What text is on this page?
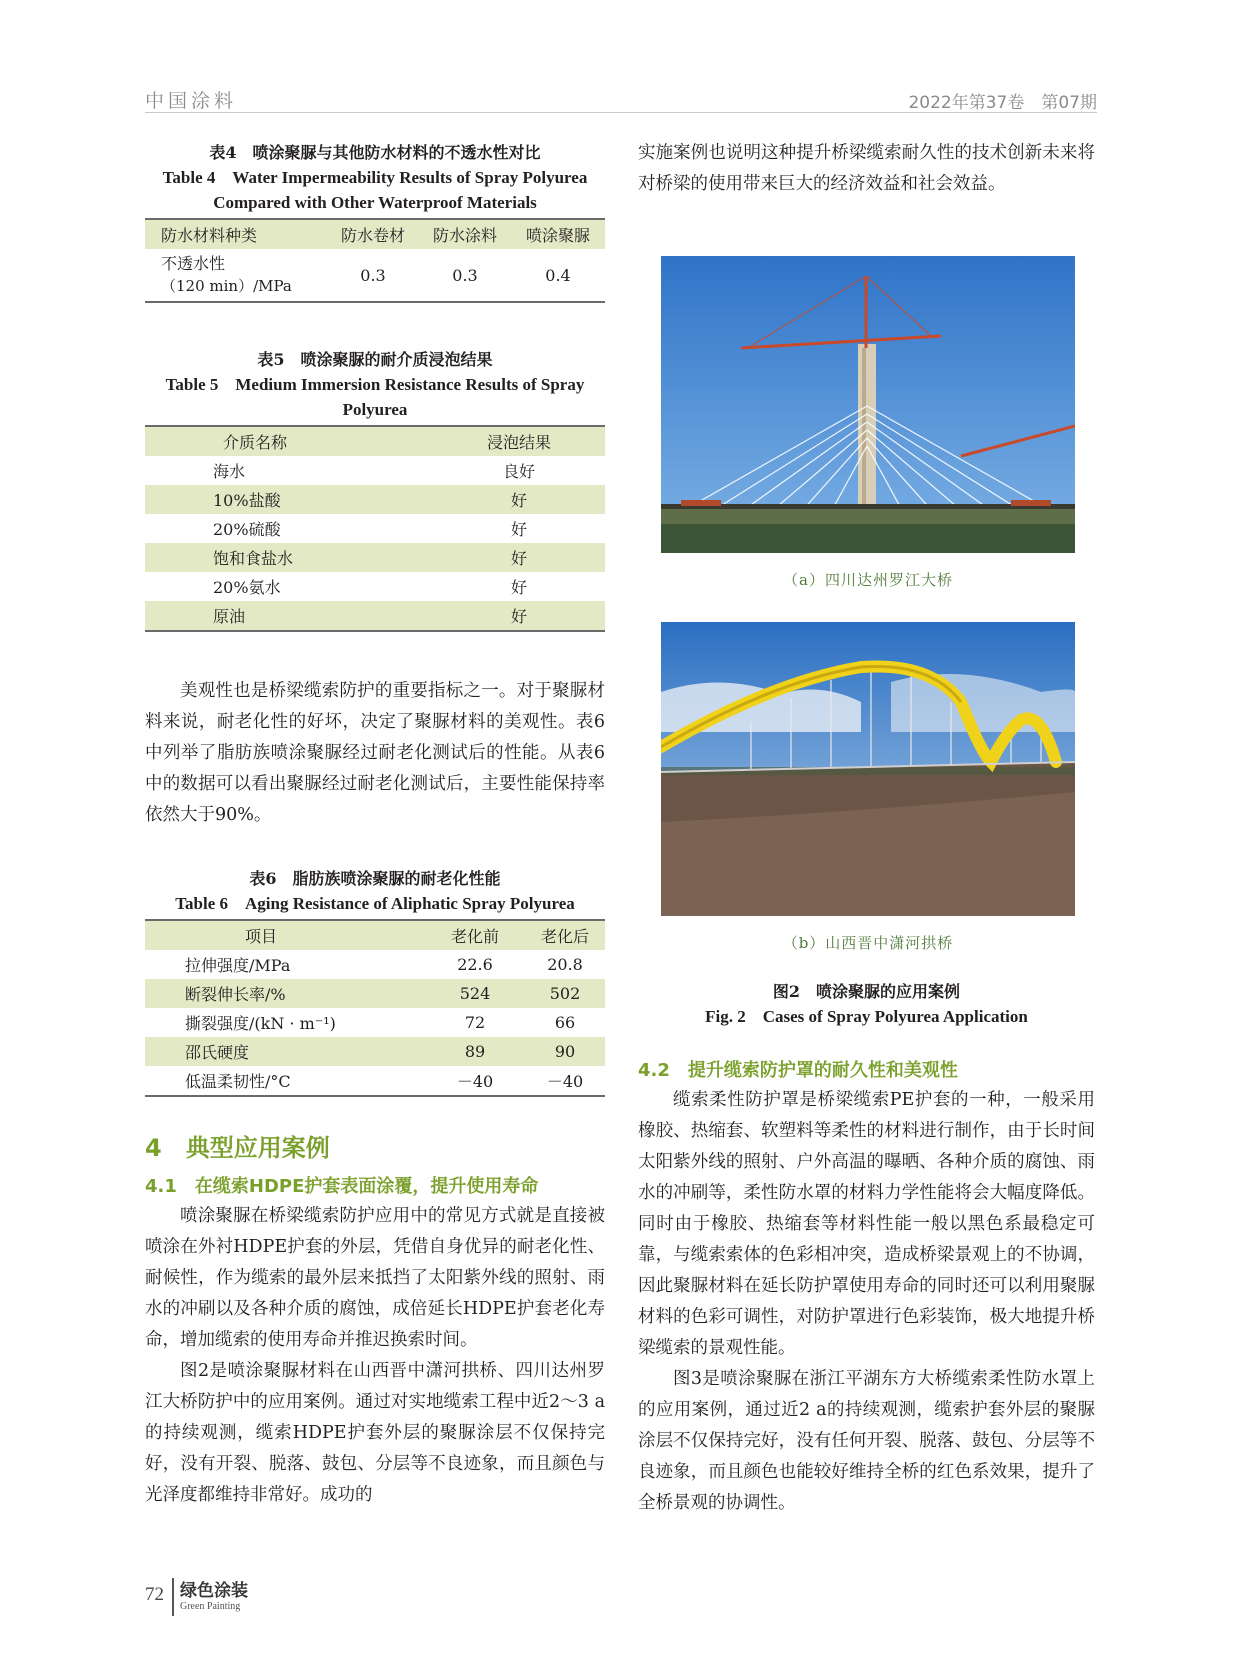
中国涂料	2022年第37卷　第07期
表4　喷涂聚脲与其他防水材料的不透水性对比
Table 4　Water Impermeability Results of Spray Polyurea
Compared with Other Waterproof Materials
防水材料种类	防水卷材	防水涂料	喷涂聚脲

不透水性
（120 min）/MPa	0.3	0.3	0.4
表5　喷涂聚脲的耐介质浸泡结果
Table 5　Medium Immersion Resistance Results of Spray
Polyurea
介质名称	浸泡结果
海水	良好
10%盐酸	好
20%硫酸	好
饱和食盐水	好
20%氨水	好
原油	好

美观性也是桥梁缆索防护的重要指标之一。对于聚脲材料来说，耐老化性的好坏，决定了聚脲材料的美观性。表6中列举了脂肪族喷涂聚脲经过耐老化测试后的性能。从表6中的数据可以看出聚脲经过耐老化测试后，主要性能保持率依然大于90%。

表6　脂肪族喷涂聚脲的耐老化性能
Table 6　Aging Resistance of Aliphatic Spray Polyurea
项目	老化前	老化后
拉伸强度/MPa	22.6	20.8
断裂伸长率/%	524	502
撕裂强度/(kN · m⁻¹)	72	66
邵氏硬度	89	90
低温柔韧性/°C	－40	－40
4　典型应用案例
4.1　在缆索HDPE护套表面涂覆，提升使用寿命

喷涂聚脲在桥梁缆索防护应用中的常见方式就是直接被喷涂在外衬HDPE护套的外层，凭借自身优异的耐老化性、耐候性，作为缆索的最外层来抵挡了太阳紫外线的照射、雨水的冲刷以及各种介质的腐蚀，成倍延长HDPE护套老化寿命，增加缆索的使用寿命并推迟换索时间。

图2是喷涂聚脲材料在山西晋中潇河拱桥、四川达州罗江大桥防护中的应用案例。通过对实地缆索工程中近2～3 a的持续观测，缆索HDPE护套外层的聚脲涂层不仅保持完好，没有开裂、脱落、鼓包、分层等不良迹象，而且颜色与光泽度都维持非常好。成功的

实施案例也说明这种提升桥梁缆索耐久性的技术创新未来将对桥梁的使用带来巨大的经济效益和社会效益。
（a）四川达州罗江大桥
（b）山西晋中潇河拱桥
图2　喷涂聚脲的应用案例
Fig. 2　Cases of Spray Polyurea Application
4.2　提升缆索防护罩的耐久性和美观性

缆索柔性防护罩是桥梁缆索PE护套的一种，一般采用橡胶、热缩套、软塑料等柔性的材料进行制作，由于长时间太阳紫外线的照射、户外高温的曝晒、各种介质的腐蚀、雨水的冲刷等，柔性防水罩的材料力学性能将会大幅度降低。同时由于橡胶、热缩套等材料性能一般以黑色系最稳定可靠，与缆索索体的色彩相冲突，造成桥梁景观上的不协调，因此聚脲材料在延长防护罩使用寿命的同时还可以利用聚脲材料的色彩可调性，对防护罩进行色彩装饰，极大地提升桥梁缆索的景观性能。

图3是喷涂聚脲在浙江平湖东方大桥缆索柔性防水罩上的应用案例，通过近2 a的持续观测，缆索护套外层的聚脲涂层不仅保持完好，没有任何开裂、脱落、鼓包、分层等不良迹象，而且颜色也能较好维持全桥的红色系效果，提升了全桥景观的协调性。

72 绿色涂装
Green Painting
